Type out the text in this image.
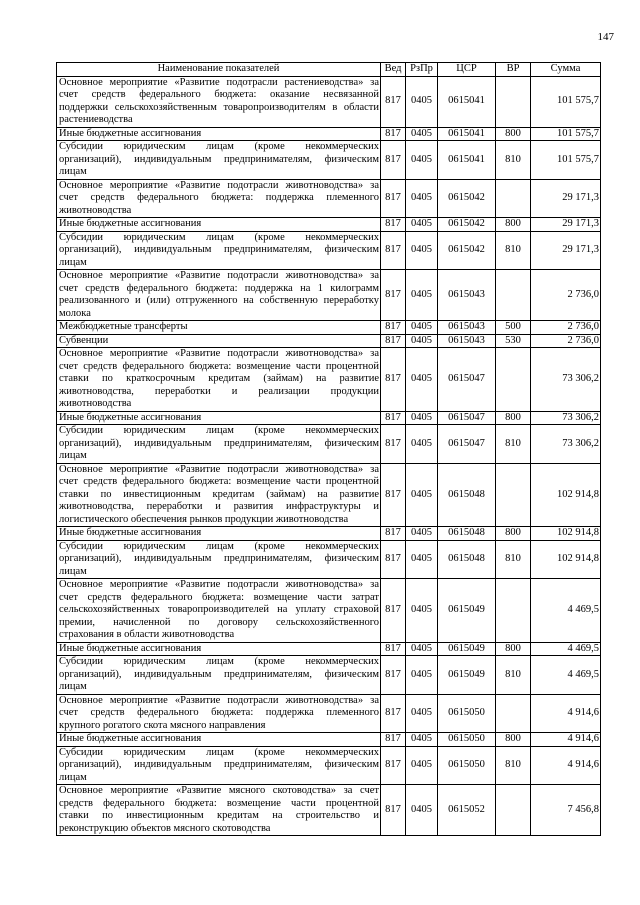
147
Наименование показателей	Вед	РзПр	ЦСР	ВР	Сумма

Основное мероприятие «Развитие подотрасли растениеводства» за
счет средств федерального бюджета: оказание несвязанной
поддержки сельскохозяйственным товаропроизводителям в области
растениеводства	817	0405	0615041		101 575,7

Иные бюджетные ассигнования	817	0405	0615041	800	101 575,7

Субсидии юридическим лицам (кроме некоммерческих
организаций), индивидуальным предпринимателям, физическим
лицам	817	0405	0615041	810	101 575,7

Основное мероприятие «Развитие подотрасли животноводства» за
счет средств федерального бюджета: поддержка племенного
животноводства	817	0405	0615042		29 171,3

Иные бюджетные ассигнования	817	0405	0615042	800	29 171,3

Субсидии юридическим лицам (кроме некоммерческих
организаций), индивидуальным предпринимателям, физическим
лицам	817	0405	0615042	810	29 171,3

Основное мероприятие «Развитие подотрасли животноводства» за
счет средств федерального бюджета: поддержка на 1 килограмм
реализованного и (или) отгруженного на собственную переработку
молока	817	0405	0615043		2 736,0

Межбюджетные трансферты	817	0405	0615043	500	2 736,0

Субвенции	817	0405	0615043	530	2 736,0

Основное мероприятие «Развитие подотрасли животноводства» за
счет средств федерального бюджета: возмещение части процентной
ставки по краткосрочным кредитам (займам) на развитие
животноводства, переработки и реализации продукции
животноводства	817	0405	0615047		73 306,2

Иные бюджетные ассигнования	817	0405	0615047	800	73 306,2

Субсидии юридическим лицам (кроме некоммерческих
организаций), индивидуальным предпринимателям, физическим
лицам	817	0405	0615047	810	73 306,2

Основное мероприятие «Развитие подотрасли животноводства» за
счет средств федерального бюджета: возмещение части процентной
ставки по инвестиционным кредитам (займам) на развитие
животноводства, переработки и развития инфраструктуры и
логистического обеспечения рынков продукции животноводства	817	0405	0615048		102 914,8

Иные бюджетные ассигнования	817	0405	0615048	800	102 914,8

Субсидии юридическим лицам (кроме некоммерческих
организаций), индивидуальным предпринимателям, физическим
лицам	817	0405	0615048	810	102 914,8

Основное мероприятие «Развитие подотрасли животноводства» за
счет средств федерального бюджета: возмещение части затрат
сельскохозяйственных товаропроизводителей на уплату страховой
премии, начисленной по договору сельскохозяйственного
страхования в области животноводства	817	0405	0615049		4 469,5

Иные бюджетные ассигнования	817	0405	0615049	800	4 469,5

Субсидии юридическим лицам (кроме некоммерческих
организаций), индивидуальным предпринимателям, физическим
лицам	817	0405	0615049	810	4 469,5

Основное мероприятие «Развитие подотрасли животноводства» за
счет средств федерального бюджета: поддержка племенного
крупного рогатого скота мясного направления	817	0405	0615050		4 914,6

Иные бюджетные ассигнования	817	0405	0615050	800	4 914,6

Субсидии юридическим лицам (кроме некоммерческих
организаций), индивидуальным предпринимателям, физическим
лицам	817	0405	0615050	810	4 914,6

Основное мероприятие «Развитие мясного скотоводства» за счет
средств федерального бюджета: возмещение части процентной
ставки по инвестиционным кредитам на строительство и
реконструкцию объектов мясного скотоводства	817	0405	0615052		7 456,8
